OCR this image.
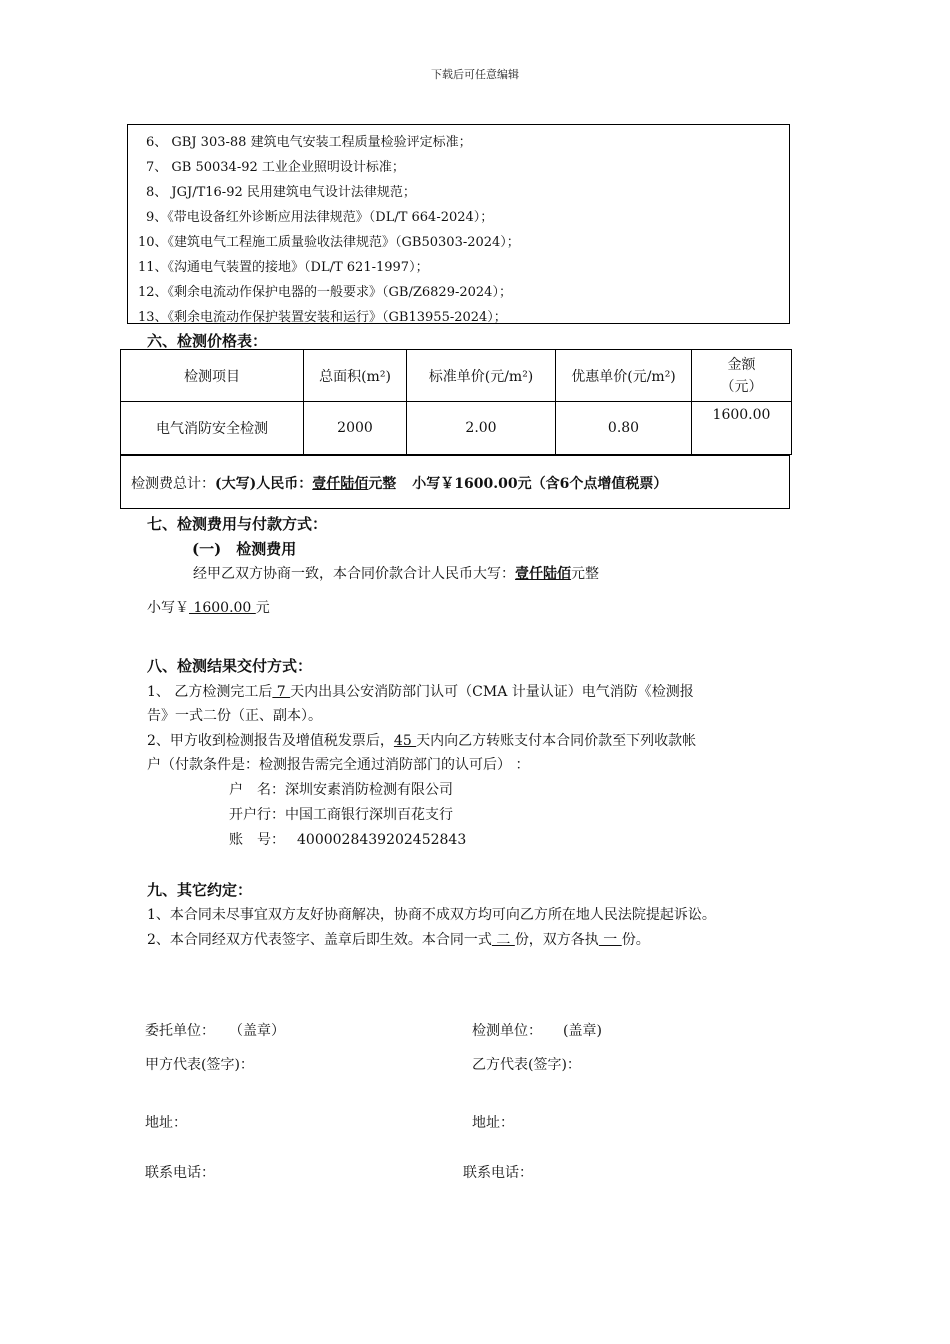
下载后可任意编辑
6、 GBJ 303-88 建筑电气安装工程质量检验评定标准；
7、 GB 50034-92 工业企业照明设计标准；
8、 JGJ/T16-92 民用建筑电气设计法律规范；
9、《带电设备红外诊断应用法律规范》（DL/T 664-2024）；
10、《建筑电气工程施工质量验收法律规范》（GB50303-2024）；
11、《沟通电气装置的接地》（DL/T 621-1997）；
12、《剩余电流动作保护电器的一般要求》（GB/Z6829-2024）；
13、《剩余电流动作保护装置安装和运行》（GB13955-2024）；
六、检测价格表：
检测项目	总面积(m²)	标准单价(元/m²)	优惠单价(元/m²)	金额
（元）

电气消防安全检测	2000	2.00	0.80	1600.00
检测费总计：(大写)人民币：壹仟陆佰元整 小写￥1600.00元（含6个点增值税票）
七、检测费用与付款方式：
(一)　检测费用
经甲乙双方协商一致，本合同价款合计人民币大写：壹仟陆佰元整
小写￥ 1600.00 元
八、检测结果交付方式：
1、 乙方检测完工后 7 天内出具公安消防部门认可（CMA 计量认证）电气消防《检测报
告》一式二份（正、副本）。
2、甲方收到检测报告及增值税发票后，45 天内向乙方转账支付本合同价款至下列收款帐
户（付款条件是：检测报告需完全通过消防部门的认可后） ：
户　名：深圳安素消防检测有限公司
开户行：中国工商银行深圳百花支行
账　号： 4000028439202452843
九、其它约定：
1、本合同未尽事宜双方友好协商解决，协商不成双方均可向乙方所在地人民法院提起诉讼。
2、本合同经双方代表签字、盖章后即生效。本合同一式 二 份，双方各执 一 份。
委托单位：　　（盖章）	检测单位：　　(盖章)
甲方代表(签字)：	乙方代表(签字)：
地址：	地址：
联系电话：	联系电话：
